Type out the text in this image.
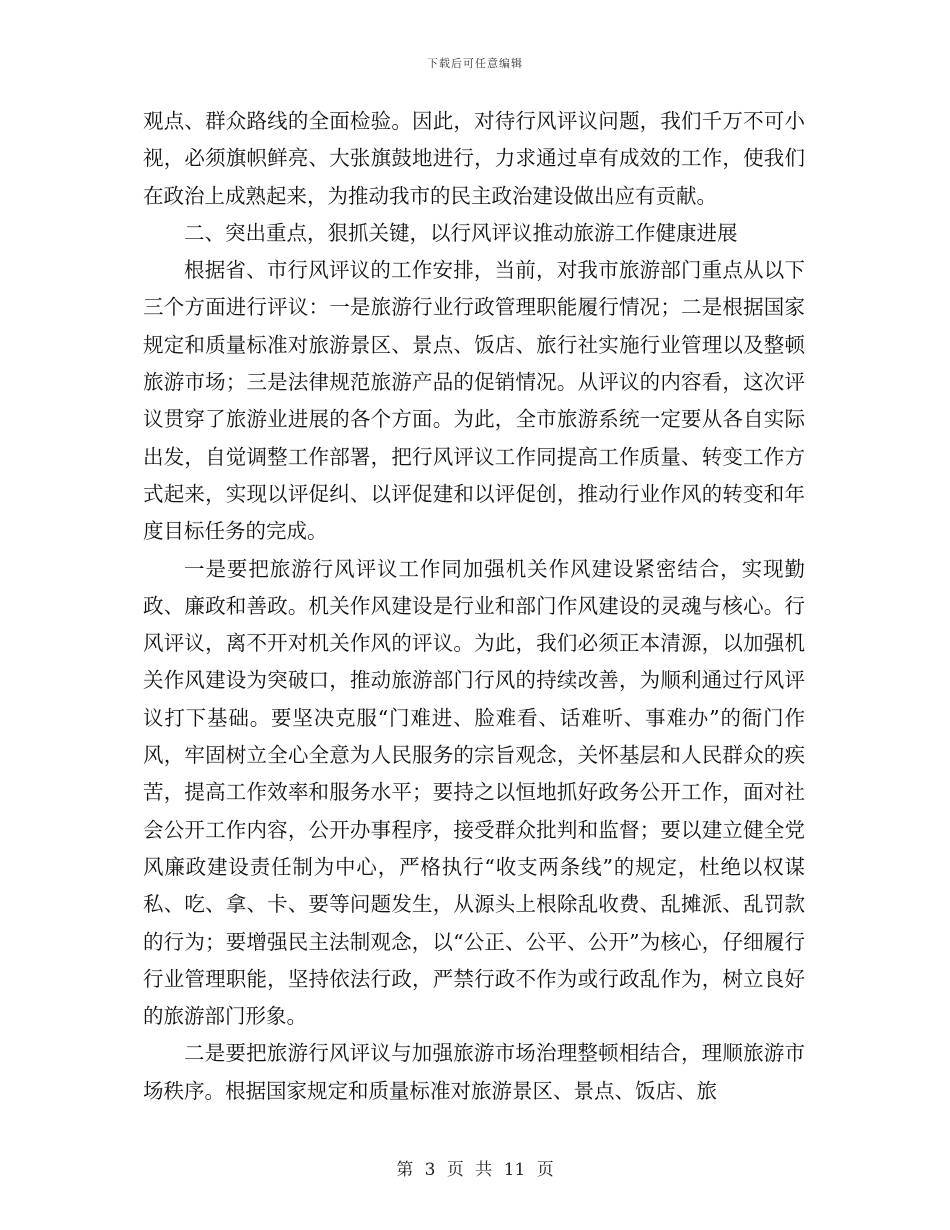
下载后可任意编辑

观点、群众路线的全面检验。因此，对待行风评议问题，我们千万不可小视，必须旗帜鲜亮、大张旗鼓地进行，力求通过卓有成效的工作，使我们在政治上成熟起来，为推动我市的民主政治建设做出应有贡献。

二、突出重点，狠抓关键，以行风评议推动旅游工作健康进展

根据省、市行风评议的工作安排，当前，对我市旅游部门重点从以下三个方面进行评议：一是旅游行业行政管理职能履行情况；二是根据国家规定和质量标准对旅游景区、景点、饭店、旅行社实施行业管理以及整顿旅游市场；三是法律规范旅游产品的促销情况。从评议的内容看，这次评议贯穿了旅游业进展的各个方面。为此，全市旅游系统一定要从各自实际出发，自觉调整工作部署，把行风评议工作同提高工作质量、转变工作方式起来，实现以评促纠、以评促建和以评促创，推动行业作风的转变和年度目标任务的完成。

一是要把旅游行风评议工作同加强机关作风建设紧密结合，实现勤政、廉政和善政。机关作风建设是行业和部门作风建设的灵魂与核心。行风评议，离不开对机关作风的评议。为此，我们必须正本清源，以加强机关作风建设为突破口，推动旅游部门行风的持续改善，为顺利通过行风评议打下基础。要坚决克服“门难进、脸难看、话难听、事难办”的衙门作风，牢固树立全心全意为人民服务的宗旨观念，关怀基层和人民群众的疾苦，提高工作效率和服务水平；要持之以恒地抓好政务公开工作，面对社会公开工作内容，公开办事程序，接受群众批判和监督；要以建立健全党风廉政建设责任制为中心，严格执行“收支两条线”的规定，杜绝以权谋私、吃、拿、卡、要等问题发生，从源头上根除乱收费、乱摊派、乱罚款的行为；要增强民主法制观念，以“公正、公平、公开”为核心，仔细履行行业管理职能，坚持依法行政，严禁行政不作为或行政乱作为，树立良好的旅游部门形象。

二是要把旅游行风评议与加强旅游市场治理整顿相结合，理顺旅游市场秩序。根据国家规定和质量标准对旅游景区、景点、饭店、旅

第 3 页 共 11 页
